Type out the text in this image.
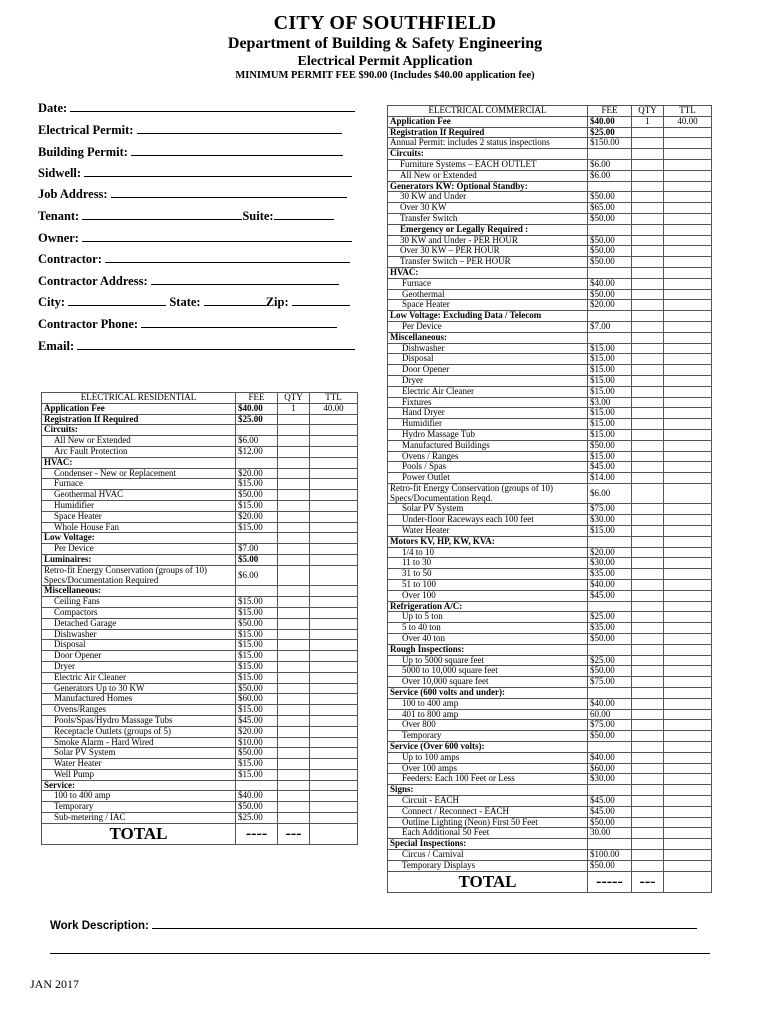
CITY OF SOUTHFIELD
Department of Building & Safety Engineering
Electrical Permit Application
MINIMUM PERMIT FEE $90.00 (Includes $40.00 application fee)
Date:
Electrical Permit:
Building Permit:
Sidwell:
Job Address:
Tenant:	Suite:
Owner:
Contractor:
Contractor Address:
City:	State:	Zip:
Contractor Phone:
Email:
ELECTRICAL RESIDENTIAL	FEE	QTY	TTL
Application Fee	$40.00	1	40.00
Registration If Required	$25.00		
Circuits:			
All New or Extended	$6.00		
Arc Fault Protection	$12.00		
HVAC:			
Condenser - New or Replacement	$20.00		
Furnace	$15.00		
Geothermal HVAC	$50.00		
Humidifier	$15.00		
Space Heater	$20.00		
Whole House Fan	$15.00		
Low Voltage:			
Per Device	$7.00		
Luminaires:	$5.00		
Retro-fit Energy Conservation (groups of 10) Specs/Documentation Required	$6.00		
Miscellaneous:			
Ceiling Fans	$15.00		
Compactors	$15.00		
Detached Garage	$50.00		
Dishwasher	$15.00		
Disposal	$15.00		
Door Opener	$15.00		
Dryer	$15.00		
Electric Air Cleaner	$15.00		
Generators Up to 30 KW	$50.00		
Manufactured Homes	$60.00		
Ovens/Ranges	$15.00		
Pools/Spas/Hydro Massage Tubs	$45.00		
Receptacle Outlets (groups of 5)	$20.00		
Smoke Alarm - Hard Wired	$10.00		
Solar PV System	$50.00		
Water Heater	$15.00		
Well Pump	$15.00		
Service:			
100 to 400 amp	$40.00		
Temporary	$50.00		
Sub-metering / IAC	$25.00		
TOTAL	----	---	
ELECTRICAL COMMERCIAL	FEE	QTY	TTL
Application Fee	$40.00	1	40.00
Registration If Required	$25.00		
Annual Permit: includes 2 status inspections	$150.00		
Circuits:			
Furniture Systems – EACH OUTLET	$6.00		
All New or Extended	$6.00		
Generators KW: Optional Standby:			
30 KW and Under	$50.00		
Over 30 KW	$65.00		
Transfer Switch	$50.00		
Emergency or Legally Required :			
30 KW and Under - PER HOUR	$50.00		
Over 30 KW – PER HOUR	$50.00		
Transfer Switch – PER HOUR	$50.00		
HVAC:			
Furnace	$40.00		
Geothermal	$50.00		
Space Heater	$20.00		
Low Voltage: Excluding Data / Telecom			
Per Device	$7.00		
Miscellaneous:			
Dishwasher	$15.00		
Disposal	$15.00		
Door Opener	$15.00		
Dryer	$15.00		
Electric Air Cleaner	$15.00		
Fixtures	$3.00		
Hand Dryer	$15.00		
Humidifier	$15.00		
Hydro Massage Tub	$15.00		
Manufactured Buildings	$50.00		
Ovens / Ranges	$15.00		
Pools / Spas	$45.00		
Power Outlet	$14.00		
Retro-fit Energy Conservation (groups of 10) Specs/Documentation Reqd.	$6.00		
Solar PV System	$75.00		
Under-floor Raceways each 100 feet	$30.00		
Water Heater	$15.00		
Motors KV, HP, KW, KVA:			
1/4 to 10	$20.00		
11 to 30	$30.00		
31 to 50	$35.00		
51 to 100	$40.00		
Over 100	$45.00		
Refrigeration A/C:			
Up to 5 ton	$25.00		
5 to 40 ton	$35.00		
Over 40 ton	$50.00		
Rough Inspections:			
Up to 5000 square feet	$25.00		
5000 to 10,000 square feet	$50.00		
Over 10,000 square feet	$75.00		
Service (600 volts and under):			
100 to 400 amp	$40.00		
401 to 800 amp	60.00		
Over 800	$75.00		
Temporary	$50.00		
Service (Over 600 volts):			
Up to 100 amps	$40.00		
Over 100 amps	$60.00		
Feeders: Each 100 Feet or Less	$30.00		
Signs:			
Circuit - EACH	$45.00		
Connect / Reconnect - EACH	$45.00		
Outline Lighting (Neon) First 50 Feet	$50.00		
Each Additional 50 Feet	30.00		
Special Inspections:			
Circus / Carnival	$100.00		
Temporary Displays	$50.00		
TOTAL	-----	---	
Work Description:
JAN 2017
